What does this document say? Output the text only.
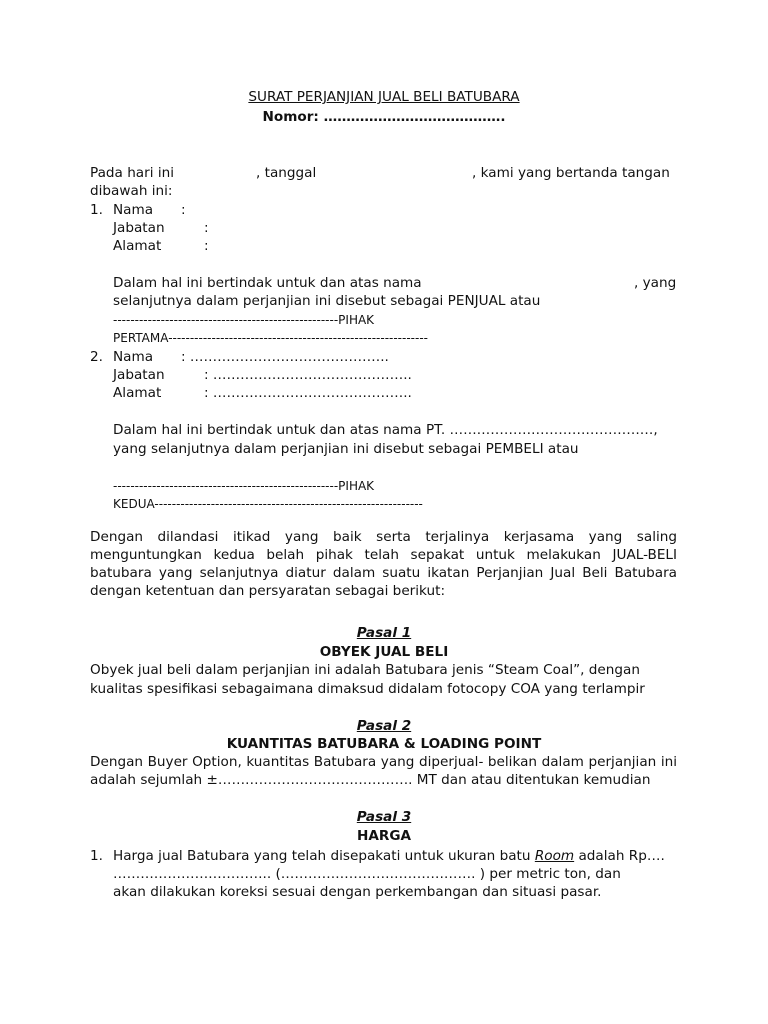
SURAT PERJANJIAN JUAL BELI BATUBARA
Nomor: ………………………………….
Pada hari ini	, tanggal	, kami yang bertanda tangan
dibawah ini:
1. Nama :
Jabatan	:
Alamat	:
Dalam hal ini bertindak untuk dan atas nama	, yang
selanjutnya dalam perjanjian ini disebut sebagai PENJUAL atau
----------------------------------------------------PIHAK
PERTAMA------------------------------------------------------------
2. Nama : ……………………………………..
Jabatan	: ……………………………………..
Alamat	: ……………………………………..
Dalam hal ini bertindak untuk dan atas nama PT. ………………………………………,
yang selanjutnya dalam perjanjian ini disebut sebagai PEMBELI atau
----------------------------------------------------PIHAK
KEDUA--------------------------------------------------------------
Dengan dilandasi itikad yang baik serta terjalinya kerjasama yang saling menguntungkan kedua belah pihak telah sepakat untuk melakukan JUAL-BELI batubara yang selanjutnya diatur dalam suatu ikatan Perjanjian Jual Beli Batubara dengan ketentuan dan persyaratan sebagai berikut:
Pasal 1
OBYEK JUAL BELI
Obyek jual beli dalam perjanjian ini adalah Batubara jenis “Steam Coal”, dengan
kualitas spesifikasi sebagaimana dimaksud didalam fotocopy COA yang terlampir
Pasal 2
KUANTITAS BATUBARA & LOADING POINT
Dengan Buyer Option, kuantitas Batubara yang diperjual- belikan dalam perjanjian ini adalah sejumlah ±……………………………………. MT dan atau ditentukan kemudian
Pasal 3
HARGA
1. Harga jual Batubara yang telah disepakati untuk ukuran batu Room adalah Rp….
…………………………….. (……………………………………. ) per metric ton, dan
akan dilakukan koreksi sesuai dengan perkembangan dan situasi pasar.
